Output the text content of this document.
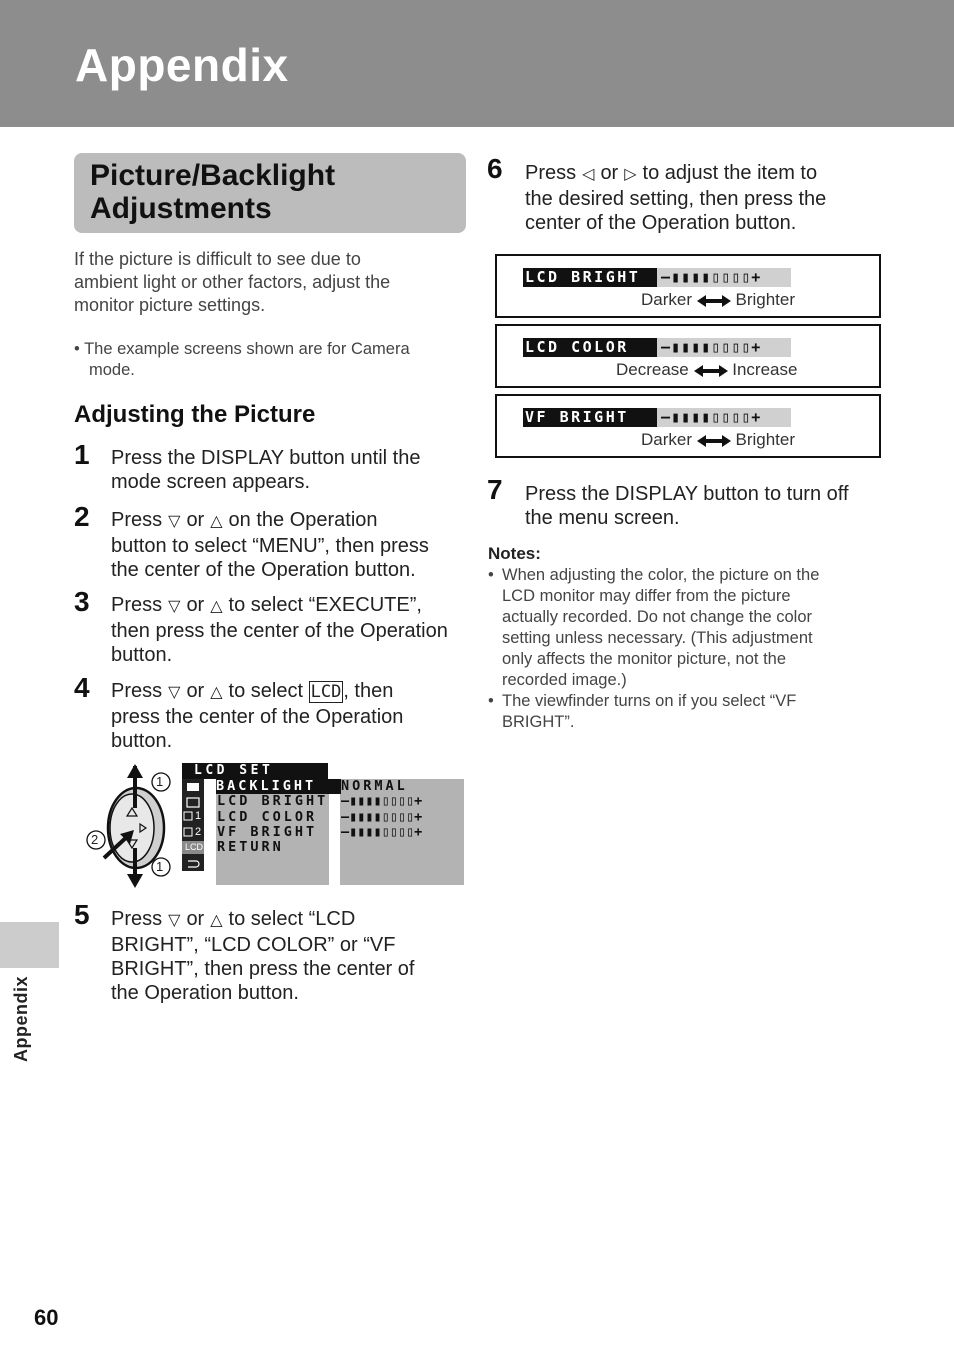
Appendix
Picture/Backlight
Adjustments
If the picture is difficult to see due to
ambient light or other factors, adjust the
monitor picture settings.
• The example screens shown are for Camera
mode.
Adjusting the Picture
1 Press the DISPLAY button until the
mode screen appears.
2 Press ▽ or △ on the Operation
button to select “MENU”, then press
the center of the Operation button.
3 Press ▽ or △ to select “EXECUTE”,
then press the center of the Operation
button.
4 Press ▽ or △ to select LCD , then
press the center of the Operation
button.
1
2
1
LCD SET
1
2
LCD
BACKLIGHT
LCD BRIGHT
LCD COLOR
VF BRIGHT
RETURN
NORMAL
–▮▮▮▮▯▯▯▯+
–▮▮▮▮▯▯▯▯+
–▮▮▮▮▯▯▯▯+
5 Press ▽ or △ to select “LCD
BRIGHT”, “LCD COLOR” or “VF
BRIGHT”, then press the center of
the Operation button.
6 Press ◁ or ▷ to adjust the item to
the desired setting, then press the
center of the Operation button.
LCD BRIGHT	–▮▮▮▮▯▯▯▯+
Darker	Brighter
LCD COLOR	–▮▮▮▮▯▯▯▯+
Decrease	Increase
VF BRIGHT	–▮▮▮▮▯▯▯▯+
Darker	Brighter
7 Press the DISPLAY button to turn off
the menu screen.
Notes:
• When adjusting the color, the picture on the
LCD monitor may differ from the picture
actually recorded. Do not change the color
setting unless necessary. (This adjustment
only affects the monitor picture, not the
recorded image.)
• The viewfinder turns on if you select “VF
BRIGHT”.
Appendix
60
